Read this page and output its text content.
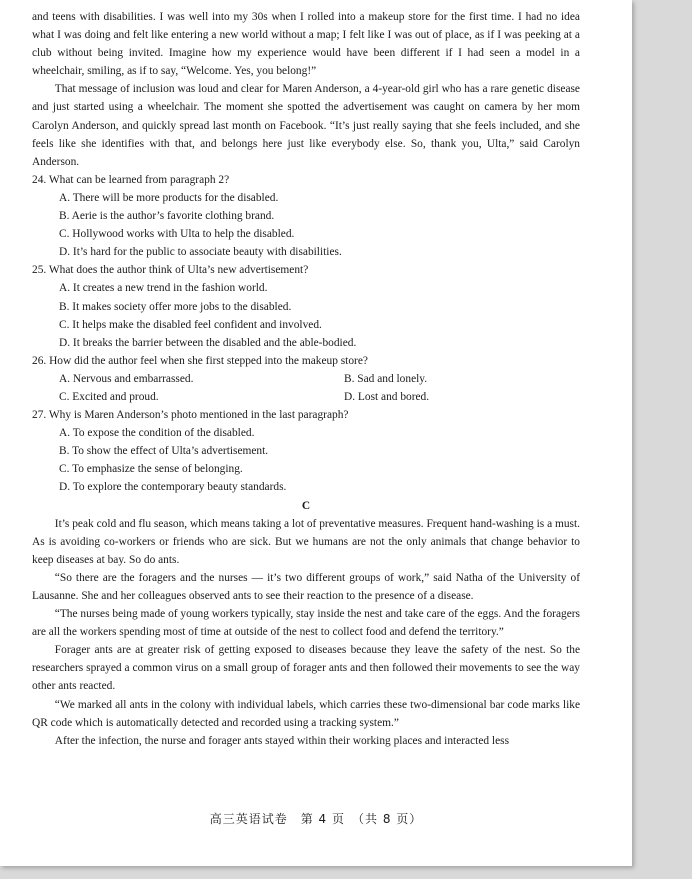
and teens with disabilities. I was well into my 30s when I rolled into a makeup store for the first time. I had no idea what I was doing and felt like entering a new world without a map; I felt like I was out of place, as if I was peeking at a club without being invited. Imagine how my experience would have been different if I had seen a model in a wheelchair, smiling, as if to say, “Welcome. Yes, you belong!”

That message of inclusion was loud and clear for Maren Anderson, a 4-year-old girl who has a rare genetic disease and just started using a wheelchair. The moment she spotted the advertisement was caught on camera by her mom Carolyn Anderson, and quickly spread last month on Facebook. “It’s just really saying that she feels included, and she feels like she identifies with that, and belongs here just like everybody else. So, thank you, Ulta,” said Carolyn Anderson.

24. What can be learned from paragraph 2?

A. There will be more products for the disabled.

B. Aerie is the author’s favorite clothing brand.

C. Hollywood works with Ulta to help the disabled.

D. It’s hard for the public to associate beauty with disabilities.

25. What does the author think of Ulta’s new advertisement?

A. It creates a new trend in the fashion world.

B. It makes society offer more jobs to the disabled.

C. It helps make the disabled feel confident and involved.

D. It breaks the barrier between the disabled and the able-bodied.

26. How did the author feel when she first stepped into the makeup store?

A. Nervous and embarrassed.	B. Sad and lonely.
C. Excited and proud.	D. Lost and bored.

27. Why is Maren Anderson’s photo mentioned in the last paragraph?

A. To expose the condition of the disabled.

B. To show the effect of Ulta’s advertisement.

C. To emphasize the sense of belonging.

D. To explore the contemporary beauty standards.

C

It’s peak cold and flu season, which means taking a lot of preventative measures. Frequent hand-washing is a must. As is avoiding co-workers or friends who are sick. But we humans are not the only animals that change behavior to keep diseases at bay. So do ants.

“So there are the foragers and the nurses — it’s two different groups of work,” said Natha of the University of Lausanne. She and her colleagues observed ants to see their reaction to the presence of a disease.

“The nurses being made of young workers typically, stay inside the nest and take care of the eggs. And the foragers are all the workers spending most of time at outside of the nest to collect food and defend the territory.”

Forager ants are at greater risk of getting exposed to diseases because they leave the safety of the nest. So the researchers sprayed a common virus on a small group of forager ants and then followed their movements to see the way other ants reacted.

“We marked all ants in the colony with individual labels, which carries these two-dimensional bar code marks like QR code which is automatically detected and recorded using a tracking system.”

After the infection, the nurse and forager ants stayed within their working places and interacted less

高三英语试卷　第 4 页　（共 8 页）
